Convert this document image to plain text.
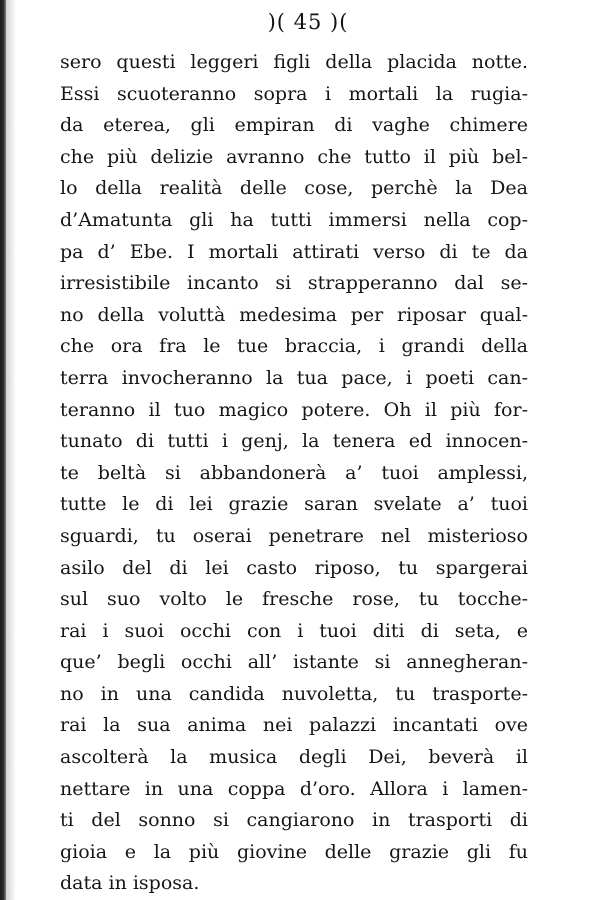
)( 45 )(
sero questi leggeri figli della placida notte.
Essi scuoteranno sopra i mortali la rugia-
da eterea, gli empiran di vaghe chimere
che più delizie avranno che tutto il più bel-
lo della realità delle cose, perchè la Dea
d’Amatunta gli ha tutti immersi nella cop-
pa d’ Ebe. I mortali attirati verso di te da
irresistibile incanto si strapperanno dal se-
no della voluttà medesima per riposar qual-
che ora fra le tue braccia, i grandi della
terra invocheranno la tua pace, i poeti can-
teranno il tuo magico potere. Oh il più for-
tunato di tutti i genj, la tenera ed innocen-
te beltà si abbandonerà a’ tuoi amplessi,
tutte le di lei grazie saran svelate a’ tuoi
sguardi, tu oserai penetrare nel misterioso
asilo del di lei casto riposo, tu spargerai
sul suo volto le fresche rose, tu tocche-
rai i suoi occhi con i tuoi diti di seta, e
que’ begli occhi all’ istante si annegheran-
no in una candida nuvoletta, tu trasporte-
rai la sua anima nei palazzi incantati ove
ascolterà la musica degli Dei, beverà il
nettare in una coppa d’oro. Allora i lamen-
ti del sonno si cangiarono in trasporti di
gioia e la più giovine delle grazie gli fu
data in isposa.
